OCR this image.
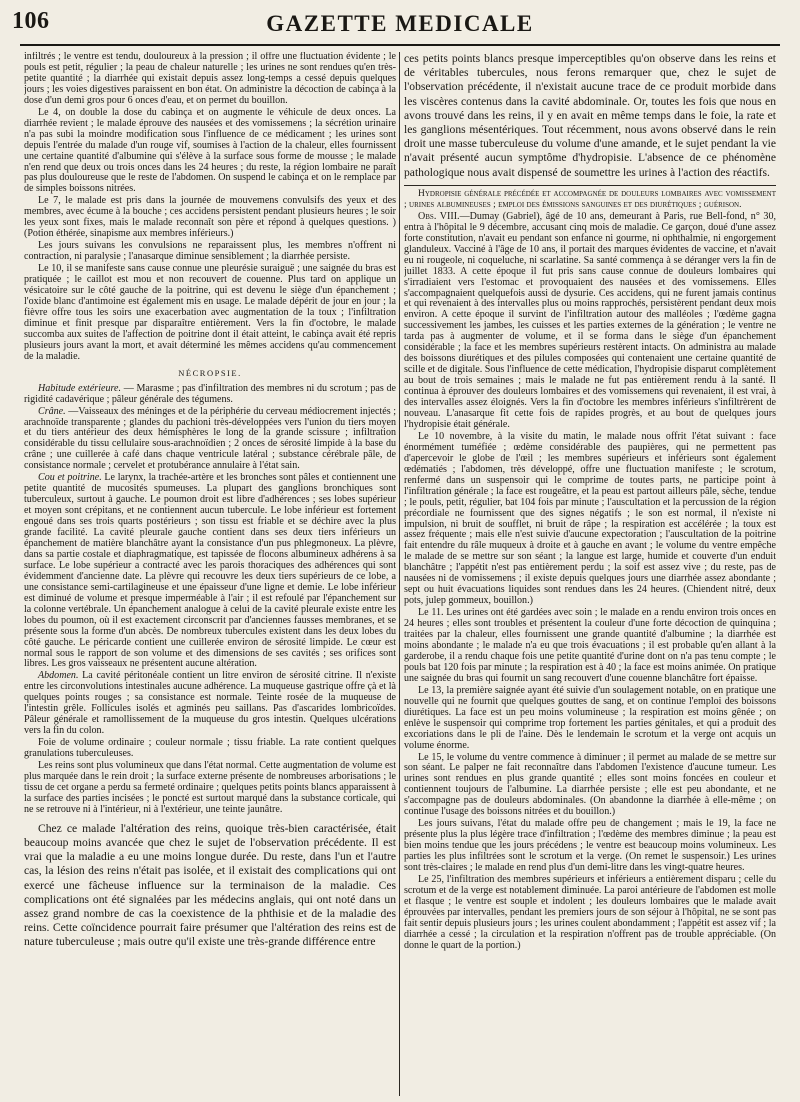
106	GAZETTE MEDICALE

infiltrés ; le ventre est tendu, douloureux à la pression ; il offre une fluctuation évidente ; le pouls est petit, régulier ; la peau de chaleur naturelle ; les urines ne sont rendues qu'en très-petite quantité ; la diarrhée qui existait depuis assez long-temps a cessé depuis quelques jours ; les voies digestives paraissent en bon état. On administre la décoction de cabinça à la dose d'un demi gros pour 6 onces d'eau, et on permet du bouillon.

Le 4, on double la dose du cabinça et on augmente le véhicule de deux onces. La diarrhée revient ; le malade éprouve des nausées et des vomissemens ; la sécrétion urinaire n'a pas subi la moindre modification sous l'influence de ce médicament ; les urines sont depuis l'entrée du malade d'un rouge vif, soumises à l'action de la chaleur, elles fournissent une certaine quantité d'albumine qui s'élève à la surface sous forme de mousse ; le malade n'en rend que deux ou trois onces dans les 24 heures ; du reste, la région lombaire ne paraît pas plus douloureuse que le reste de l'abdomen. On suspend le cabinça et on le remplace par de simples boissons nitrées.

Le 7, le malade est pris dans la journée de mouvemens convulsifs des yeux et des membres, avec écume à la bouche ; ces accidens persistent pendant plusieurs heures ; le soir les yeux sont fixes, mais le malade reconnaît son père et répond à quelques questions. ) (Potion éthérée, sinapisme aux membres inférieurs.)

Les jours suivans les convulsions ne reparaissent plus, les membres n'offrent ni contraction, ni paralysie ; l'anasarque diminue sensiblement ; la diarrhée persiste.

Le 10, il se manifeste sans cause connue une pleurésie suraiguë ; une saignée du bras est pratiquée ; le caillot est mou et non recouvert de couenne. Plus tard on applique un vésicatoire sur le côté gauche de la poitrine, qui est devenu le siège d'un épanchement ; l'oxide blanc d'antimoine est également mis en usage. Le malade dépérit de jour en jour ; la fièvre offre tous les soirs une exacerbation avec augmentation de la toux ; l'infiltration diminue et finit presque par disparaître entièrement. Vers la fin d'octobre, le malade succomba aux suites de l'affection de poitrine dont il était atteint, le cabinça avait été repris plusieurs jours avant la mort, et avait déterminé les mêmes accidens qu'au commencement de la maladie.

NÉCROPSIE.

Habitude extérieure. — Marasme ; pas d'infiltration des membres ni du scrotum ; pas de rigidité cadavérique ; pâleur générale des tégumens.

Crâne. —Vaisseaux des méninges et de la périphérie du cerveau médiocrement injectés ; arachnoïde transparente ; glandes du pachioni très-développées vers l'union du tiers moyen et du tiers antérieur des deux hémisphères le long de la grande scissure ; infiltration considérable du tissu cellulaire sous-arachnoïdien ; 2 onces de sérosité limpide à la base du crâne ; une cuillerée à café dans chaque ventricule latéral ; substance cérébrale pâle, de consistance normale ; cervelet et protubérance annulaire à l'état sain.

Cou et poitrine. Le larynx, la trachée-artère et les bronches sont pâles et contiennent une petite quantité de mucosités spumeuses. La plupart des ganglions bronchiques sont tuberculeux, surtout à gauche. Le poumon droit est libre d'adhérences ; ses lobes supérieur et moyen sont crépitans, et ne contiennent aucun tubercule. Le lobe inférieur est fortement engoué dans ses trois quarts postérieurs ; son tissu est friable et se déchire avec la plus grande facilité. La cavité pleurale gauche contient dans ses deux tiers inférieurs un épanchement de matière blanchâtre ayant la consistance d'un pus phlegmoneux. La plèvre, dans sa partie costale et diaphragmatique, est tapissée de flocons albumineux adhérens à sa surface. Le lobe supérieur a contracté avec les parois thoraciques des adhérences qui sont évidemment d'ancienne date. La plèvre qui recouvre les deux tiers supérieurs de ce lobe, a une consistance semi-cartilagineuse et une épaisseur d'une ligne et demie. Le lobe inférieur est diminué de volume et presque imperméable à l'air ; il est refoulé par l'épanchement sur la colonne vertébrale. Un épanchement analogue à celui de la cavité pleurale existe entre les lobes du poumon, où il est exactement circonscrit par d'anciennes fausses membranes, et se présente sous la forme d'un abcès. De nombreux tubercules existent dans les deux lobes du côté gauche. Le péricarde contient une cuillerée environ de sérosité limpide. Le cœur est normal sous le rapport de son volume et des dimensions de ses cavités ; ses orifices sont libres. Les gros vaisseaux ne présentent aucune altération.

Abdomen. La cavité péritonéale contient un litre environ de sérosité citrine. Il n'existe entre les circonvolutions intestinales aucune adhérence. La muqueuse gastrique offre çà et là quelques points rouges ; sa consistance est normale. Teinte rosée de la muqueuse de l'intestin grêle. Follicules isolés et agminés peu saillans. Pas d'ascarides lombricoïdes. Pâleur générale et ramollissement de la muqueuse du gros intestin. Quelques ulcérations vers la fin du colon.

Foie de volume ordinaire ; couleur normale ; tissu friable. La rate contient quelques granulations tuberculeuses.

Les reins sont plus volumineux que dans l'état normal. Cette augmentation de volume est plus marquée dans le rein droit ; la surface externe présente de nombreuses arborisations ; le tissu de cet organe a perdu sa fermeté ordinaire ; quelques petits points blancs apparaissent à la surface des parties incisées ; le poncté est surtout marqué dans la substance corticale, qui ne se retrouve ni à l'intérieur, ni à l'extérieur, une teinte jaunâtre.

Chez ce malade l'altération des reins, quoique très-bien caractérisée, était beaucoup moins avancée que chez le sujet de l'observation précédente. Il est vrai que la maladie a eu une moins longue durée. Du reste, dans l'un et l'autre cas, la lésion des reins n'était pas isolée, et il existait des complications qui ont exercé une fâcheuse influence sur la terminaison de la maladie. Ces complications ont été signalées par les médecins anglais, qui ont noté dans un assez grand nombre de cas la coexistence de la phthisie et de la maladie des reins. Cette coïncidence pourrait faire présumer que l'altération des reins est de nature tuberculeuse ; mais outre qu'il existe une très-grande différence entre

ces petits points blancs presque imperceptibles qu'on observe dans les reins et de véritables tubercules, nous ferons remarquer que, chez le sujet de l'observation précédente, il n'existait aucune trace de ce produit morbide dans les viscères contenus dans la cavité abdominale. Or, toutes les fois que nous en avons trouvé dans les reins, il y en avait en même temps dans le foie, la rate et les ganglions mésentériques. Tout récemment, nous avons observé dans le rein droit une masse tuberculeuse du volume d'une amande, et le sujet pendant la vie n'avait présenté aucun symptôme d'hydropisie. L'absence de ce phénomène pathologique nous avait dispensé de soumettre les urines à l'action des réactifs.

Hydropisie générale précédée et accompagnée de douleurs lombaires avec vomissement ; urines albumineuses ; emploi des émissions sanguines et des diurétiques ; guérison.

Obs. VIII.—Dumay (Gabriel), âgé de 10 ans, demeurant à Paris, rue Bell-fond, n° 30, entra à l'hôpital le 9 décembre, accusant cinq mois de maladie. Ce garçon, doué d'une assez forte constitution, n'avait eu pendant son enfance ni gourme, ni ophthalmie, ni engorgement glanduleux. Vacciné à l'âge de 10 ans, il portait des marques évidentes de vaccine, et n'avait eu ni rougeole, ni coqueluche, ni scarlatine. Sa santé commença à se déranger vers la fin de juillet 1833. A cette époque il fut pris sans cause connue de douleurs lombaires qui s'irradiaient vers l'estomac et provoquaient des nausées et des vomissemens. Elles s'accompagnaient quelquefois aussi de dysurie. Ces accidens, qui ne furent jamais continus et qui revenaient à des intervalles plus ou moins rapprochés, persistèrent pendant deux mois environ. A cette époque il survint de l'infiltration autour des malléoles ; l'œdème gagna successivement les jambes, les cuisses et les parties externes de la génération ; le ventre ne tarda pas à augmenter de volume, et il se forma dans le siège d'un épanchement considérable ; la face et les membres supérieurs restèrent intacts. On administra au malade des boissons diurétiques et des pilules composées qui contenaient une certaine quantité de scille et de digitale. Sous l'influence de cette médication, l'hydropisie disparut complètement au bout de trois semaines ; mais le malade ne fut pas entièrement rendu à la santé. Il continua à éprouver des douleurs lombaires et des vomissemens qui revenaient, il est vrai, à des intervalles assez éloignés. Vers la fin d'octobre les membres inférieurs s'infiltrèrent de nouveau. L'anasarque fit cette fois de rapides progrès, et au bout de quelques jours l'hydropisie était générale.

Le 10 novembre, à la visite du matin, le malade nous offrit l'état suivant : face énormément tuméfiée ; œdème considérable des paupières, qui ne permettent pas d'apercevoir le globe de l'œil ; les membres supérieurs et inférieurs sont également œdématiés ; l'abdomen, très développé, offre une fluctuation manifeste ; le scrotum, renfermé dans un suspensoir qui le comprime de toutes parts, ne participe point à l'infiltration générale ; la face est rougeâtre, et la peau est partout ailleurs pâle, sèche, tendue ; le pouls, petit, régulier, bat 104 fois par minute ; l'auscultation et la percussion de la région précordiale ne fournissent que des signes négatifs ; le son est normal, il n'existe ni impulsion, ni bruit de soufflet, ni bruit de râpe ; la respiration est accélérée ; la toux est assez fréquente ; mais elle n'est suivie d'aucune expectoration ; l'auscultation de la poitrine fait entendre du râle muqueux à droite et à gauche en avant ; le volume du ventre empêche le malade de se mettre sur son séant ; la langue est large, humide et couverte d'un enduit blanchâtre ; l'appétit n'est pas entièrement perdu ; la soif est assez vive ; du reste, pas de nausées ni de vomissemens ; il existe depuis quelques jours une diarrhée assez abondante ; sept ou huit évacuations liquides sont rendues dans les 24 heures. (Chiendent nitré, deux pots, julep gommeux, bouillon.)

Le 11. Les urines ont été gardées avec soin ; le malade en a rendu environ trois onces en 24 heures ; elles sont troubles et présentent la couleur d'une forte décoction de quinquina ; traitées par la chaleur, elles fournissent une grande quantité d'albumine ; la diarrhée est moins abondante ; le malade n'a eu que trois évacuations ; il est probable qu'en allant à la garderobe, il a rendu chaque fois une petite quantité d'urine dont on n'a pas tenu compte ; le pouls bat 120 fois par minute ; la respiration est à 40 ; la face est moins animée. On pratique une saignée du bras qui fournit un sang recouvert d'une couenne blanchâtre fort épaisse.

Le 13, la première saignée ayant été suivie d'un soulagement notable, on en pratique une nouvelle qui ne fournit que quelques gouttes de sang, et on continue l'emploi des boissons diurétiques. La face est un peu moins volumineuse ; la respiration est moins gênée ; on enlève le suspensoir qui comprime trop fortement les parties génitales, et qui a produit des excoriations dans le pli de l'aine. Dès le lendemain le scrotum et la verge ont acquis un volume énorme.

Le 15, le volume du ventre commence à diminuer ; il permet au malade de se mettre sur son séant. Le palper ne fait reconnaître dans l'abdomen l'existence d'aucune tumeur. Les urines sont rendues en plus grande quantité ; elles sont moins foncées en couleur et contiennent toujours de l'albumine. La diarrhée persiste ; elle est peu abondante, et ne s'accompagne pas de douleurs abdominales. (On abandonne la diarrhée à elle-même ; on continue l'usage des boissons nitrées et du bouillon.)

Les jours suivans, l'état du malade offre peu de changement ; mais le 19, la face ne présente plus la plus légère trace d'infiltration ; l'œdème des membres diminue ; la peau est bien moins tendue que les jours précédens ; le ventre est beaucoup moins volumineux. Les parties les plus infiltrées sont le scrotum et la verge. (On remet le suspensoir.) Les urines sont très-claires ; le malade en rend plus d'un demi-litre dans les vingt-quatre heures.

Le 25, l'infiltration des membres supérieurs et inférieurs a entièrement disparu ; celle du scrotum et de la verge est notablement diminuée. La paroi antérieure de l'abdomen est molle et flasque ; le ventre est souple et indolent ; les douleurs lombaires que le malade avait éprouvées par intervalles, pendant les premiers jours de son séjour à l'hôpital, ne se sont pas fait sentir depuis plusieurs jours ; les urines coulent abondamment ; l'appétit est assez vif ; la diarrhée a cessé ; la circulation et la respiration n'offrent pas de trouble appréciable. (On donne le quart de la portion.)
